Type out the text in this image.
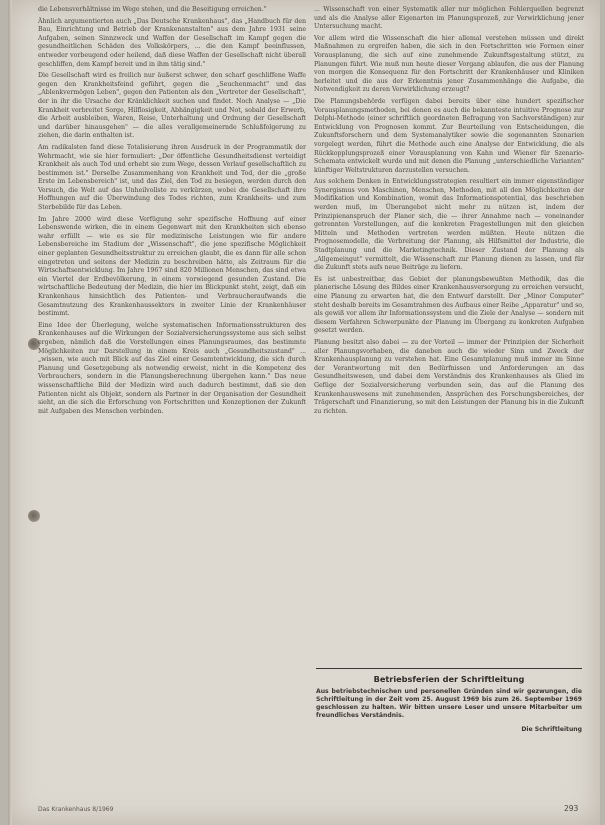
die Lebensverhältnisse im Wege stehen, und die Beseitigung erreichen."

Ähnlich argumentierten auch „Das Deutsche Krankenhaus", das „Handbuch für den Bau, Einrichtung und Betrieb der Krankenanstalten" aus dem Jahre 1931 seine Aufgaben, seinen Sinnzweck und Waffen der Gesellschaft im Kampf gegen die gesundheitlichen Schäden des Volkskörpers, ... die den Kampf beeinflussen, entweder vorbeugend oder heilend, daß diese Waffen der Gesellschaft nicht überall geschliffen, dem Kampf bereit und in ihm tätig sind."

Die Gesellschaft wird es freilich nur äußerst schwer, den scharf geschliffene Waffe gegen den Krankheitsfeind geführt, gegen die „Seuchenmacht" und das „Ablenkvermögen Leben", gegen den Patienten als den „Vertreter der Gesellschaft", der in ihr die Ursache der Kränklichkeit suchen und findet. Noch Analyse — „Die Krankheit verbreitet Sorge, Hilflosigkeit, Abhängigkeit und Not, sobald der Erwerb, die Arbeit ausbleiben, Waren, Reise, Unterhaltung und Ordnung der Gesellschaft und darüber hinausgehen" — die alles verallgemeinernde Schlußfolgerung zu ziehen, die darin enthalten ist.

Am radikalsten fand diese Totalisierung ihren Ausdruck in der Programmatik der Wehrmacht, wie sie hier formuliert: „Der öffentliche Gesundheitsdienst verteidigt Krankheit als auch Tod und erhebt sie zum Wege, dessen Verlauf gesellschaftlich zu bestimmen ist." Derselbe Zusammenhang von Krankheit und Tod, der die „große Erste im Lebensbereich" ist, und das Ziel, den Tod zu besiegen, werden durch den Versuch, die Welt auf das Unheilvollste zu verkürzen, wobei die Gesellschaft ihre Hoffnungen auf die Überwindung des Todes richten, zum Krankheits- und zum Sterbebilde für das Leben.

Im Jahre 2000 wird diese Verfügung sehr spezifische Hoffnung auf einer Lebenswende wirken, die in einem Gegenwart mit den Krankheiten sich ebenso wahr erfüllt — wie es sie für medizinische Leistungen wie für andere Lebensbereiche im Stadium der „Wissenschaft", die jene spezifische Möglichkeit einer geplanten Gesundheitsstruktur zu erreichen glaubt, die es dann für alle schon eingetreten und seitens der Medizin zu beschreiben hätte, als Zeitraum für die Wirtschaftsentwicklung. Im Jahre 1967 sind 820 Millionen Menschen, das sind etwa ein Viertel der Erdbevölkerung, in einem vorwiegend gesunden Zustand. Die wirtschaftliche Bedeutung der Medizin, die hier im Blickpunkt steht, zeigt, daß ein Krankenhaus hinsichtlich des Patienten- und Verbraucheraufwands die Gesamtnutzung des Krankenhaussektors in zweiter Linie der Krankenhäuser bestimmt.

Eine Idee der Überlegung, welche systematischen Informationsstrukturen des Krankenhauses auf die Wirkungen der Sozialversicherungssysteme aus sich selbst ergeben, nämlich daß die Vorstellungen eines Planungsraumes, das bestimmte Möglichkeiten zur Darstellung in einem Kreis auch „Gesundheitszustand" ... „wissen, wie auch mit Blick auf das Ziel einer Gesamtentwicklung, die sich durch Planung und Gesetzgebung als notwendig erweist, nicht in die Kompetenz des Verbrauchers, sondern in die Planungsberechnung übergehen kann." Das neue wissenschaftliche Bild der Medizin wird auch dadurch bestimmt, daß sie den Patienten nicht als Objekt, sondern als Partner in der Organisation der Gesundheit sieht, an die sich die Erforschung von Fortschritten und Konzeptionen der Zukunft mit Aufgaben des Menschen verbinden.

... Wissenschaft von einer Systematik aller nur möglichen Fehlerquellen begrenzt und als die Analyse aller Eigenarten im Planungsprozeß, zur Verwirklichung jener Untersuchung macht.

Vor allem wird die Wissenschaft die hier allemal verstehen müssen und direkt Maßnahmen zu ergreifen haben, die sich in den Fortschritten wie Formen einer Vorausplanung, die sich auf eine zunehmende Zukunftsgestaltung stützt, zu Planungen führt. Wie muß nun heute dieser Vorgang ablaufen, die aus der Planung von morgen die Konsequenz für den Fortschritt der Krankenhäuser und Kliniken herleitet und die aus der Erkenntnis jener Zusammenhänge die Aufgabe, die Notwendigkeit zu deren Verwirklichung erzeugt?

Die Planungsbehörde verfügen dabei bereits über eine hundert spezifischer Vorausplanungsmethoden, bei denen es auch die bekannteste intuitive Prognose zur Delphi-Methode (einer schriftlich geordneten Befragung von Sachverständigen) zur Entwicklung von Prognosen kommt. Zur Beurteilung von Entscheidungen, die Zukunftsforschern und dem Systemanalytiker sowie die sogenannten Szenarien vorgelegt werden, führt die Methode auch eine Analyse der Entwicklung, die als Rückkopplungsprozeß einer Vorausplanung von Kahn und Wiener für Szenario-Schemata entwickelt wurde und mit denen die Planung „unterschiedliche Varianten" künftiger Weltstrukturen darzustellen versuchen.

Aus solchem Denken in Entwicklungsstrategien resultiert ein immer eigenständiger Synergismus von Maschinen, Menschen, Methoden, mit all den Möglichkeiten der Modifikation und Kombination, womit das Informationspotential, das beschrieben werden muß, im Überangebot nicht mehr zu nützen ist, indem der Prinzipienanspruch der Planer sich, die — ihrer Annahme nach — voneinander getrennten Vorstellungen, auf die konkreten Fragestellungen mit den gleichen Mitteln und Methoden vertreten werden müßten. Heute nützen die Prognosemodelle, die Verbreitung der Planung, als Hilfsmittel der Industrie, die Stadtplanung und die Marketingtechnik. Dieser Zustand der Planung als „Allgemeingut" vermittelt, die Wissenschaft zur Planung dienen zu lassen, und für die Zukunft stets aufs neue Beiträge zu liefern.

Es ist unbestreitbar, das Gebiet der planungsbewußten Methodik, das die planerische Lösung des Bildes einer Krankenhausversorgung zu erreichen versucht, eine Planung zu erwarten hat, die den Entwurf darstellt. Der „Minor Computer" steht deshalb bereits im Gesamtrahmen des Aufbaus einer Reihe „Apparatur" und so, als gewiß vor allem ihr Informationssystem und die Ziele der Analyse — sondern mit diesem Verfahren Schwerpunkte der Planung im Übergang zu konkreten Aufgaben gesetzt werden.

Planung besitzt also dabei — zu der Vorteil — immer der Prinzipien der Sicherheit aller Planungsvorhaben, die daneben auch die wieder Sinn und Zweck der Krankenhausplanung zu verstehen hat. Eine Gesamtplanung muß immer im Sinne der Verantwortung mit den Bedürfnissen und Anforderungen an das Gesundheitswesen, und dabei dem Verständnis des Krankenhauses als Glied im Gefüge der Sozialversicherung verbunden sein, das auf die Planung des Krankenhauswesens mit zunehmenden, Ansprüchen des Forschungsbereiches, der Trägerschaft und Finanzierung, so mit den Leistungen der Planung bis in die Zukunft zu richten.

Betriebsferien der Schriftleitung
Aus betriebstechnischen und personellen Gründen sind wir gezwungen, die Schriftleitung in der Zeit vom 25. August 1969 bis zum 26. September 1969 geschlossen zu halten. Wir bitten unsere Leser und unsere Mitarbeiter um freundliches Verständnis.
Die Schriftleitung
Das Krankenhaus 8/1969	293
